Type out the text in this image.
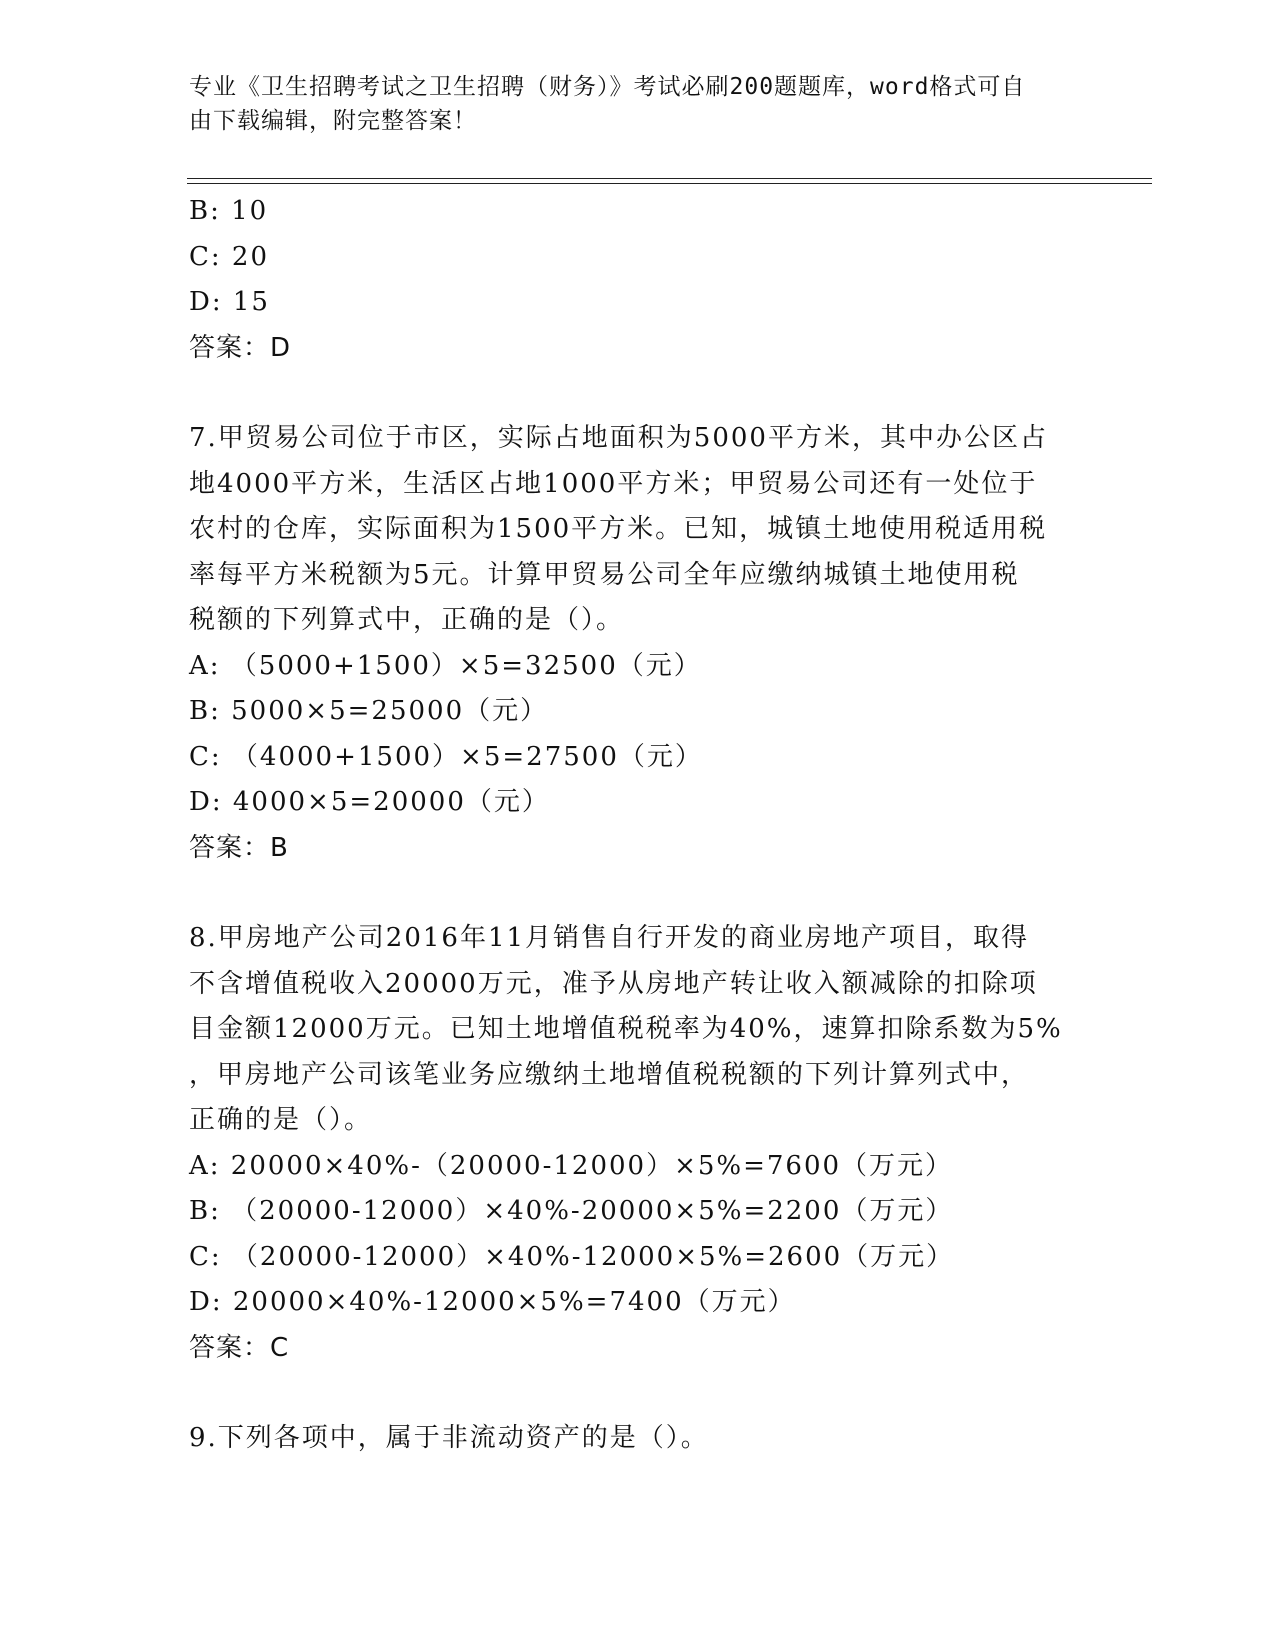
专业《卫生招聘考试之卫生招聘（财务）》考试必刷200题题库，word格式可自
由下载编辑，附完整答案！

B: 10

C: 20

D: 15

答案：D

7.甲贸易公司位于市区，实际占地面积为5000平方米，其中办公区占

地4000平方米，生活区占地1000平方米；甲贸易公司还有一处位于

农村的仓库，实际面积为1500平方米。已知，城镇土地使用税适用税

率每平方米税额为5元。计算甲贸易公司全年应缴纳城镇土地使用税

税额的下列算式中，正确的是（）。

A: （5000+1500）×5=32500（元）

B: 5000×5=25000（元）

C: （4000+1500）×5=27500（元）

D: 4000×5=20000（元）

答案：B

8.甲房地产公司2016年11月销售自行开发的商业房地产项目，取得

不含增值税收入20000万元，准予从房地产转让收入额减除的扣除项

目金额12000万元。已知土地增值税税率为40%，速算扣除系数为5%

，甲房地产公司该笔业务应缴纳土地增值税税额的下列计算列式中，

正确的是（）。

A: 20000×40%-（20000-12000）×5%=7600（万元）

B: （20000-12000）×40%-20000×5%=2200（万元）

C: （20000-12000）×40%-12000×5%=2600（万元）

D: 20000×40%-12000×5%=7400（万元）

答案：C

9.下列各项中，属于非流动资产的是（）。
